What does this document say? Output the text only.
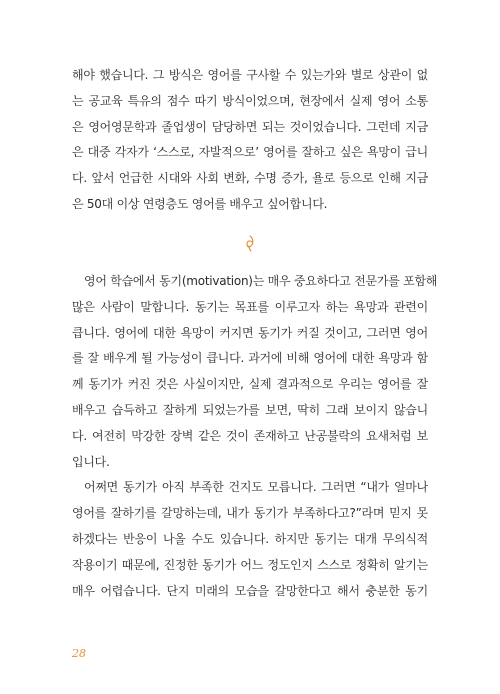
해야 했습니다. 그 방식은 영어를 구사할 수 있는가와 별로 상관이 없
는 공교육 특유의 점수 따기 방식이었으며, 현장에서 실제 영어 소통
은 영어영문학과 졸업생이 담당하면 되는 것이었습니다. 그런데 지금
은 대중 각자가 ‘스스로, 자발적으로’ 영어를 잘하고 싶은 욕망이 급니
다. 앞서 언급한 시대와 사회 변화, 수명 증가, 욜로 등으로 인해 지금
은 50대 이상 연령층도 영어를 배우고 싶어합니다.
영어 학습에서 동기(motivation)는 매우 중요하다고 전문가를 포함해
많은 사람이 말합니다. 동기는 목표를 이루고자 하는 욕망과 관련이
큽니다. 영어에 대한 욕망이 커지면 동기가 커질 것이고, 그러면 영어
를 잘 배우게 될 가능성이 큽니다. 과거에 비해 영어에 대한 욕망과 함
께 동기가 커진 것은 사실이지만, 실제 결과적으로 우리는 영어를 잘
배우고 습득하고 잘하게 되었는가를 보면, 딱히 그래 보이지 않습니
다. 여전히 막강한 장벽 같은 것이 존재하고 난공불락의 요새처럼 보
입니다.
어쩌면 동기가 아직 부족한 건지도 모릅니다. 그러면 “내가 얼마나
영어를 잘하기를 갈망하는데, 내가 동기가 부족하다고?”라며 믿지 못
하겠다는 반응이 나올 수도 있습니다. 하지만 동기는 대개 무의식적
작용이기 때문에, 진정한 동기가 어느 정도인지 스스로 정확히 알기는
매우 어렵습니다. 단지 미래의 모습을 갈망한다고 해서 충분한 동기
28
